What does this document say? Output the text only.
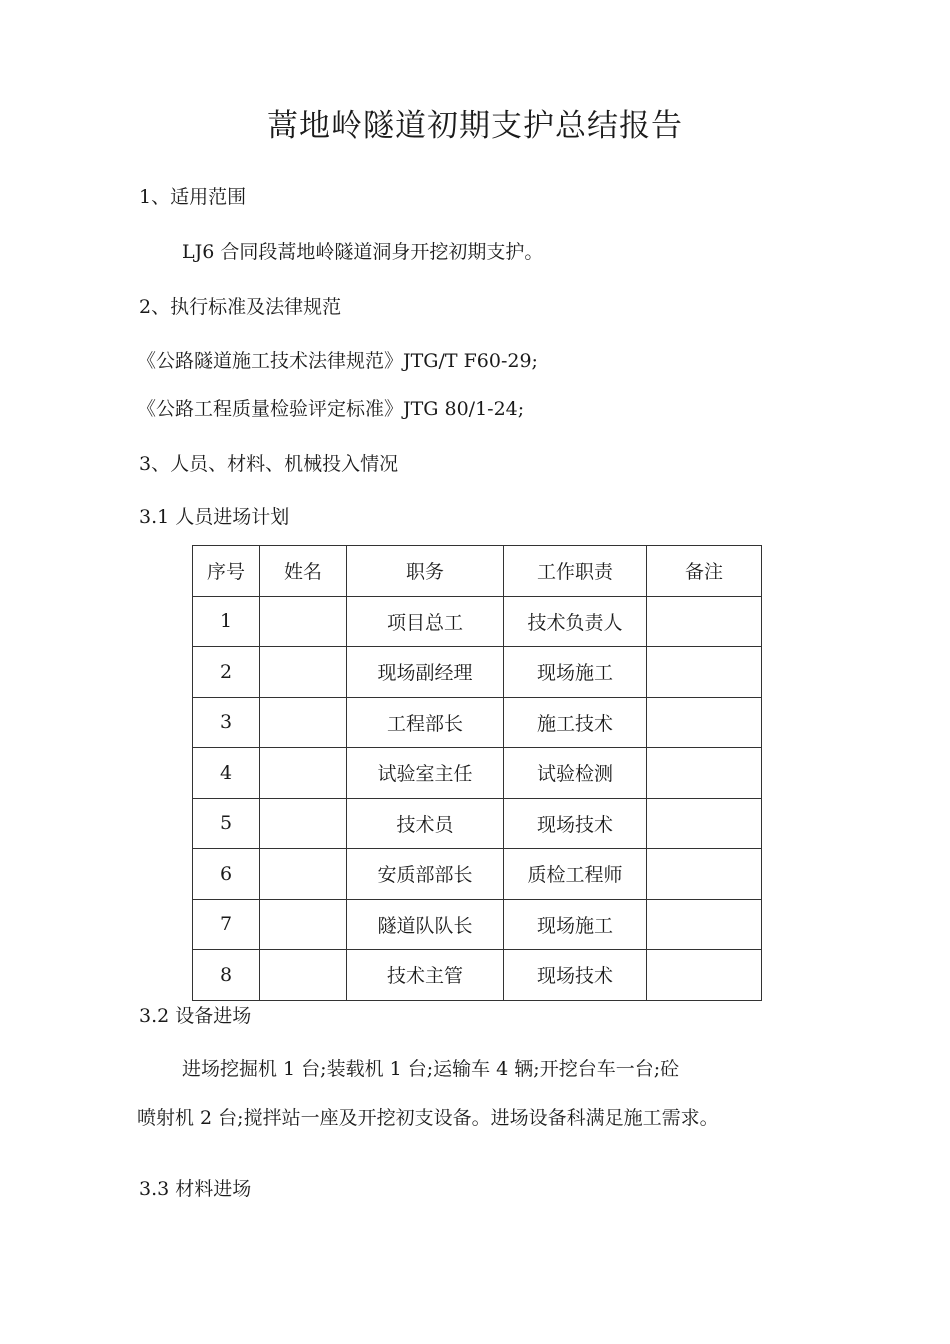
蒿地岭隧道初期支护总结报告
1、适用范围
LJ6 合同段蒿地岭隧道洞身开挖初期支护。
2、执行标准及法律规范
《公路隧道施工技术法律规范》JTG/T F60-29;
《公路工程质量检验评定标准》JTG 80/1-24;
3、人员、材料、机械投入情况
3.1 人员进场计划
序号	姓名	职务	工作职责	备注
1		项目总工	技术负责人	
2		现场副经理	现场施工	
3		工程部长	施工技术	
4		试验室主任	试验检测	
5		技术员	现场技术	
6		安质部部长	质检工程师	
7		隧道队队长	现场施工	
8		技术主管	现场技术	
3.2 设备进场
进场挖掘机 1 台;装载机 1 台;运输车 4 辆;开挖台车一台;砼
喷射机 2 台;搅拌站一座及开挖初支设备。进场设备科满足施工需求。
3.3 材料进场
